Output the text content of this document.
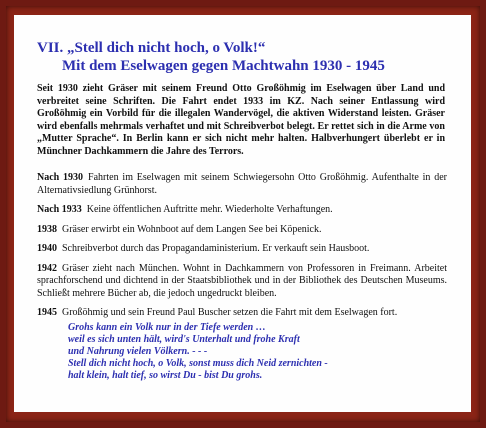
VII. „Stell dich nicht hoch, o Volk!“
Mit dem Eselwagen gegen Machtwahn 1930 - 1945

Seit 1930 zieht Gräser mit seinem Freund Otto Großöhmig im Eselwagen über Land und verbreitet seine Schriften. Die Fahrt endet 1933 im KZ. Nach seiner Entlassung wird Großöhmig ein Vorbild für die illegalen Wandervögel, die aktiven Widerstand leisten. Gräser wird ebenfalls mehrmals verhaftet und mit Schreibverbot belegt. Er rettet sich in die Arme von „Mutter Sprache“. In Berlin kann er sich nicht mehr halten. Halbverhungert überlebt er in Münchner Dachkammern die Jahre des Terrors.

Nach 1930 Fahrten im Eselwagen mit seinem Schwiegersohn Otto Großöhmig. Aufenthalte in der Alternativsiedlung Grünhorst.

Nach 1933 Keine öffentlichen Auftritte mehr. Wiederholte Verhaftungen.

1938 Gräser erwirbt ein Wohnboot auf dem Langen See bei Köpenick.

1940 Schreibverbot durch das Propagandaministerium. Er verkauft sein Hausboot.

1942 Gräser zieht nach München. Wohnt in Dachkammern von Professoren in Freimann. Arbeitet sprachforschend und dichtend in der Staatsbibliothek und in der Bibliothek des Deutschen Museums. Schließt mehrere Bücher ab, die jedoch ungedruckt bleiben.

1945 Großöhmig und sein Freund Paul Buscher setzen die Fahrt mit dem Eselwagen fort.

Grohs kann ein Volk nur in der Tiefe werden …
weil es sich unten hält, wird's Unterhalt und frohe Kraft
und Nahrung vielen Völkern. - - -
Stell dich nicht hoch, o Volk, sonst muss dich Neid zernichten -
halt klein, halt tief, so wirst Du - bist Du grohs.
